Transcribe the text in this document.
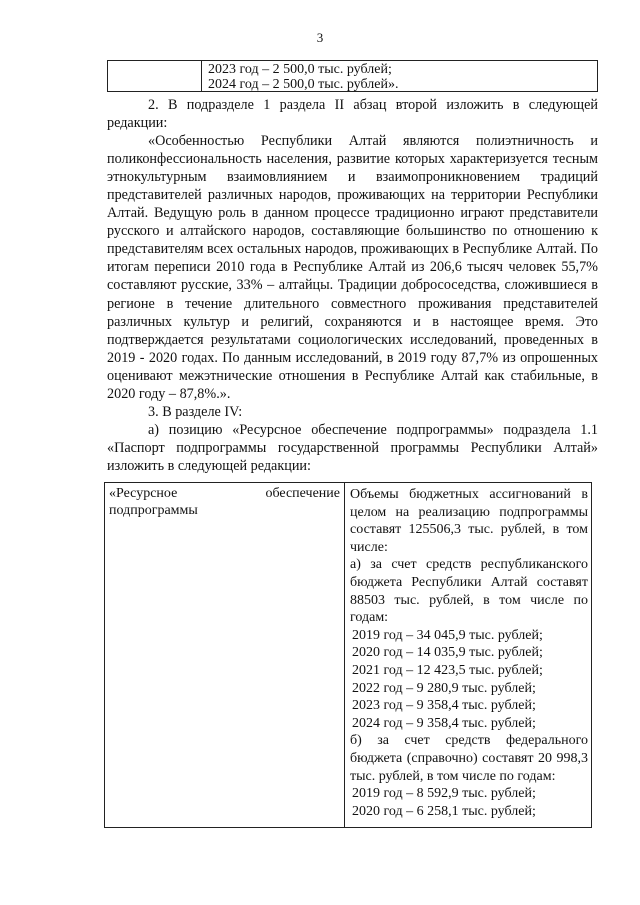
3
2023 год – 2 500,0 тыс. рублей;
2024 год – 2 500,0 тыс. рублей».

2. В подразделе 1 раздела II абзац второй изложить в следующей редакции:

«Особенностью Республики Алтай являются полиэтничность и поликонфессиональность населения, развитие которых характеризуется тесным этнокультурным взаимовлиянием и взаимопроникновением традиций представителей различных народов, проживающих на территории Республики Алтай. Ведущую роль в данном процессе традиционно играют представители русского и алтайского народов, составляющие большинство по отношению к представителям всех остальных народов, проживающих в Республике Алтай. По итогам переписи 2010 года в Республике Алтай из 206,6 тысяч человек 55,7% составляют русские, 33% – алтайцы. Традиции добрососедства, сложившиеся в регионе в течение длительного совместного проживания представителей различных культур и религий, сохраняются и в настоящее время. Это подтверждается результатами социологических исследований, проведенных в 2019 - 2020 годах. По данным исследований, в 2019 году 87,7% из опрошенных оценивают межэтнические отношения в Республике Алтай как стабильные, в 2020 году – 87,8%.».

3. В разделе IV:

а) позицию «Ресурсное обеспечение подпрограммы» подраздела 1.1 «Паспорт подпрограммы государственной программы Республики Алтай» изложить в следующей редакции:

«Ресурсное	обеспечение
подпрограммы
Объемы бюджетных ассигнований в целом на реализацию подпрограммы составят 125506,3 тыс. рублей, в том числе:
а) за счет средств республиканского бюджета Республики Алтай составят 88503 тыс. рублей, в том числе по годам:
2019 год – 34 045,9 тыс. рублей;
2020 год – 14 035,9 тыс. рублей;
2021 год – 12 423,5 тыс. рублей;
2022 год – 9 280,9 тыс. рублей;
2023 год – 9 358,4 тыс. рублей;
2024 год – 9 358,4 тыс. рублей;
б) за счет средств федерального бюджета (справочно) составят 20 998,3 тыс. рублей, в том числе по годам:
2019 год – 8 592,9 тыс. рублей;
2020 год – 6 258,1 тыс. рублей;
